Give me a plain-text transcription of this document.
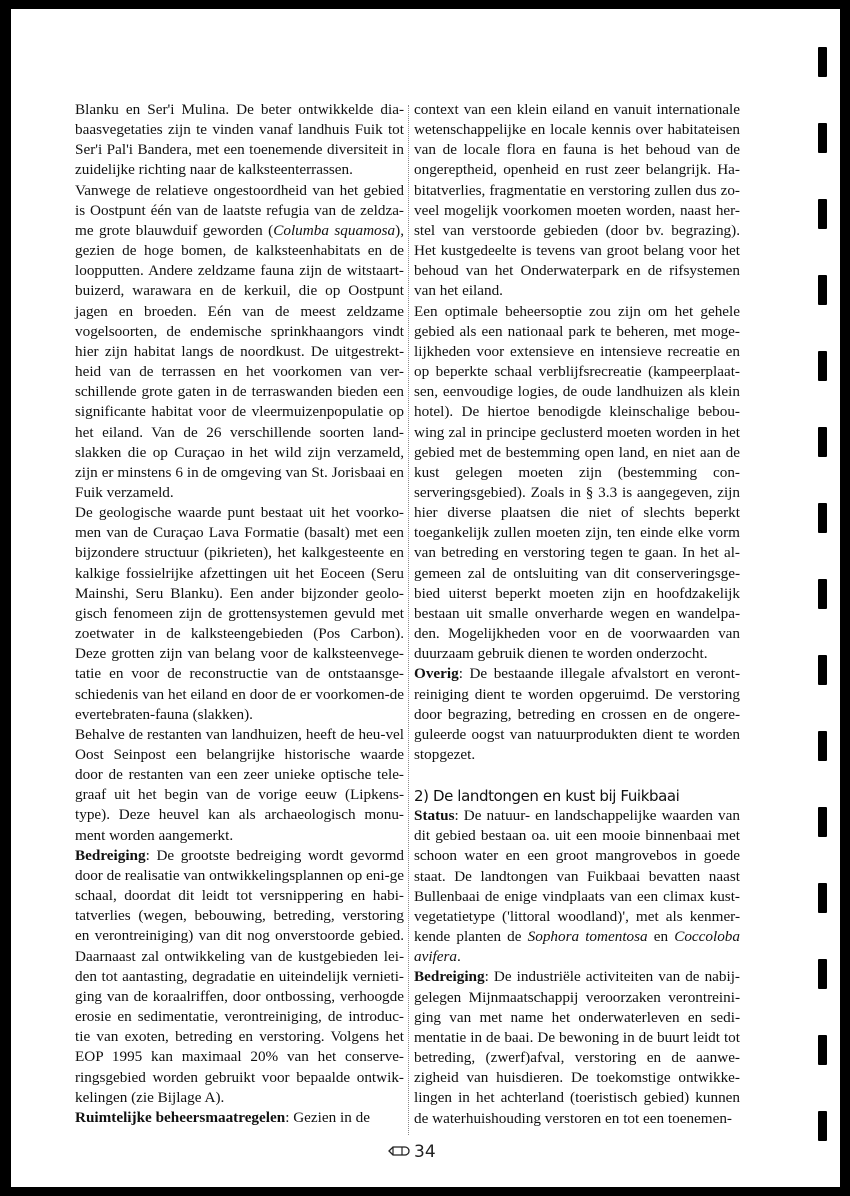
Blanku en Ser'i Mulina. De beter ontwikkelde dia-baasvegetaties zijn te vinden vanaf landhuis Fuik tot Ser'i Pal'i Bandera, met een toenemende diversiteit in zuidelijke richting naar de kalksteenterrassen.

Vanwege de relatieve ongestoordheid van het gebied is Oostpunt één van de laatste refugia van de zeldza-me grote blauwduif geworden (Columba squamosa), gezien de hoge bomen, de kalksteenhabitats en de loopputten. Andere zeldzame fauna zijn de witstaart-buizerd, warawara en de kerkuil, die op Oostpunt jagen en broeden. Eén van de meest zeldzame vogelsoorten, de endemische sprinkhaangors vindt hier zijn habitat langs de noordkust. De uitgestrekt-heid van de terrassen en het voorkomen van ver-schillende grote gaten in de terraswanden bieden een significante habitat voor de vleermuizenpopulatie op het eiland. Van de 26 verschillende soorten land-slakken die op Curaçao in het wild zijn verzameld, zijn er minstens 6 in de omgeving van St. Jorisbaai en Fuik verzameld.

De geologische waarde punt bestaat uit het voorko-men van de Curaçao Lava Formatie (basalt) met een bijzondere structuur (pikrieten), het kalkgesteente en kalkige fossielrijke afzettingen uit het Eoceen (Seru Mainshi, Seru Blanku). Een ander bijzonder geolo-gisch fenomeen zijn de grottensystemen gevuld met zoetwater in de kalksteengebieden (Pos Carbon). Deze grotten zijn van belang voor de kalksteenvege-tatie en voor de reconstructie van de ontstaansge-schiedenis van het eiland en door de er voorkomen-de evertebraten-fauna (slakken).

Behalve de restanten van landhuizen, heeft de heu-vel Oost Seinpost een belangrijke historische waarde door de restanten van een zeer unieke optische tele-graaf uit het begin van de vorige eeuw (Lipkens-type). Deze heuvel kan als archaeologisch monu-ment worden aangemerkt.

Bedreiging: De grootste bedreiging wordt gevormd door de realisatie van ontwikkelingsplannen op eni-ge schaal, doordat dit leidt tot versnippering en habi-tatverlies (wegen, bebouwing, betreding, verstoring en verontreiniging) van dit nog onverstoorde gebied. Daarnaast zal ontwikkeling van de kustgebieden lei-den tot aantasting, degradatie en uiteindelijk vernieti-ging van de koraalriffen, door ontbossing, verhoogde erosie en sedimentatie, verontreiniging, de introduc-tie van exoten, betreding en verstoring. Volgens het EOP 1995 kan maximaal 20% van het conserve-ringsgebied worden gebruikt voor bepaalde ontwik-kelingen (zie Bijlage A).

Ruimtelijke beheersmaatregelen: Gezien in de

context van een klein eiland en vanuit internationale wetenschappelijke en locale kennis over habitateisen van de locale flora en fauna is het behoud van de ongereptheid, openheid en rust zeer belangrijk. Ha-bitatverlies, fragmentatie en verstoring zullen dus zo-veel mogelijk voorkomen moeten worden, naast her-stel van verstoorde gebieden (door bv. begrazing). Het kustgedeelte is tevens van groot belang voor het behoud van het Onderwaterpark en de rifsystemen van het eiland.

Een optimale beheersoptie zou zijn om het gehele gebied als een nationaal park te beheren, met moge-lijkheden voor extensieve en intensieve recreatie en op beperkte schaal verblijfsrecreatie (kampeerplaat-sen, eenvoudige logies, de oude landhuizen als klein hotel). De hiertoe benodigde kleinschalige bebou-wing zal in principe geclusterd moeten worden in het gebied met de bestemming open land, en niet aan de kust gelegen moeten zijn (bestemming con-serveringsgebied). Zoals in § 3.3 is aangegeven, zijn hier diverse plaatsen die niet of slechts beperkt toegankelijk zullen moeten zijn, ten einde elke vorm van betreding en verstoring tegen te gaan. In het al-gemeen zal de ontsluiting van dit conserveringsge-bied uiterst beperkt moeten zijn en hoofdzakelijk bestaan uit smalle onverharde wegen en wandelpa-den. Mogelijkheden voor en de voorwaarden van duurzaam gebruik dienen te worden onderzocht.

Overig: De bestaande illegale afvalstort en veront-reiniging dient te worden opgeruimd. De verstoring door begrazing, betreding en crossen en de ongere-guleerde oogst van natuurprodukten dient te worden stopgezet.

2) De landtongen en kust bij Fuikbaai

Status: De natuur- en landschappelijke waarden van dit gebied bestaan oa. uit een mooie binnenbaai met schoon water en een groot mangrovebos in goede staat. De landtongen van Fuikbaai bevatten naast Bullenbaai de enige vindplaats van een climax kust-vegetatietype ('littoral woodland)', met als kenmer-kende planten de Sophora tomentosa en Coccoloba avifera.

Bedreiging: De industriële activiteiten van de nabij-gelegen Mijnmaatschappij veroorzaken verontreini-ging van met name het onderwaterleven en sedi-mentatie in de baai. De bewoning in de buurt leidt tot betreding, (zwerf)afval, verstoring en de aanwe-zigheid van huisdieren. De toekomstige ontwikke-lingen in het achterland (toeristisch gebied) kunnen de waterhuishouding verstoren en tot een toenemen-

34
